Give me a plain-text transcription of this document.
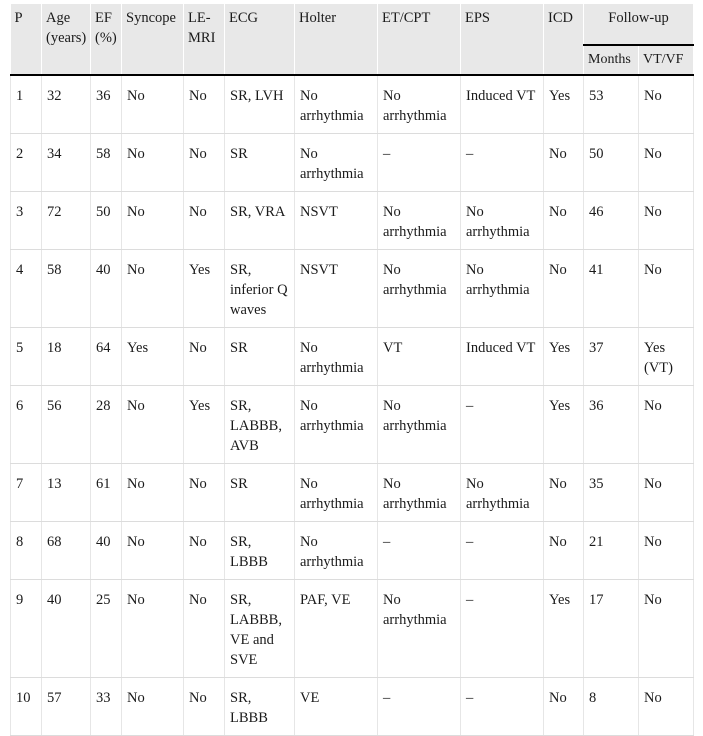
P	Age (years)	EF (%)	Syncope	LE-MRI	ECG	Holter	ET/CPT	EPS	ICD	Follow-up	
										Months	VT/VF
1	32	36	No	No	SR, LVH	No arrhythmia	No arrhythmia	Induced VT	Yes	53	No
2	34	58	No	No	SR	No arrhythmia	–	–	No	50	No
3	72	50	No	No	SR, VRA	NSVT	No arrhythmia	No arrhythmia	No	46	No
4	58	40	No	Yes	SR, inferior Q waves	NSVT	No arrhythmia	No arrhythmia	No	41	No
5	18	64	Yes	No	SR	No arrhythmia	VT	Induced VT	Yes	37	Yes (VT)
6	56	28	No	Yes	SR, LABBB, AVB	No arrhythmia	No arrhythmia	–	Yes	36	No
7	13	61	No	No	SR	No arrhythmia	No arrhythmia	No arrhythmia	No	35	No
8	68	40	No	No	SR, LBBB	No arrhythmia	–	–	No	21	No
9	40	25	No	No	SR, LABBB, VE and SVE	PAF, VE	No arrhythmia	–	Yes	17	No
10	57	33	No	No	SR, LBBB	VE	–	–	No	8	No
